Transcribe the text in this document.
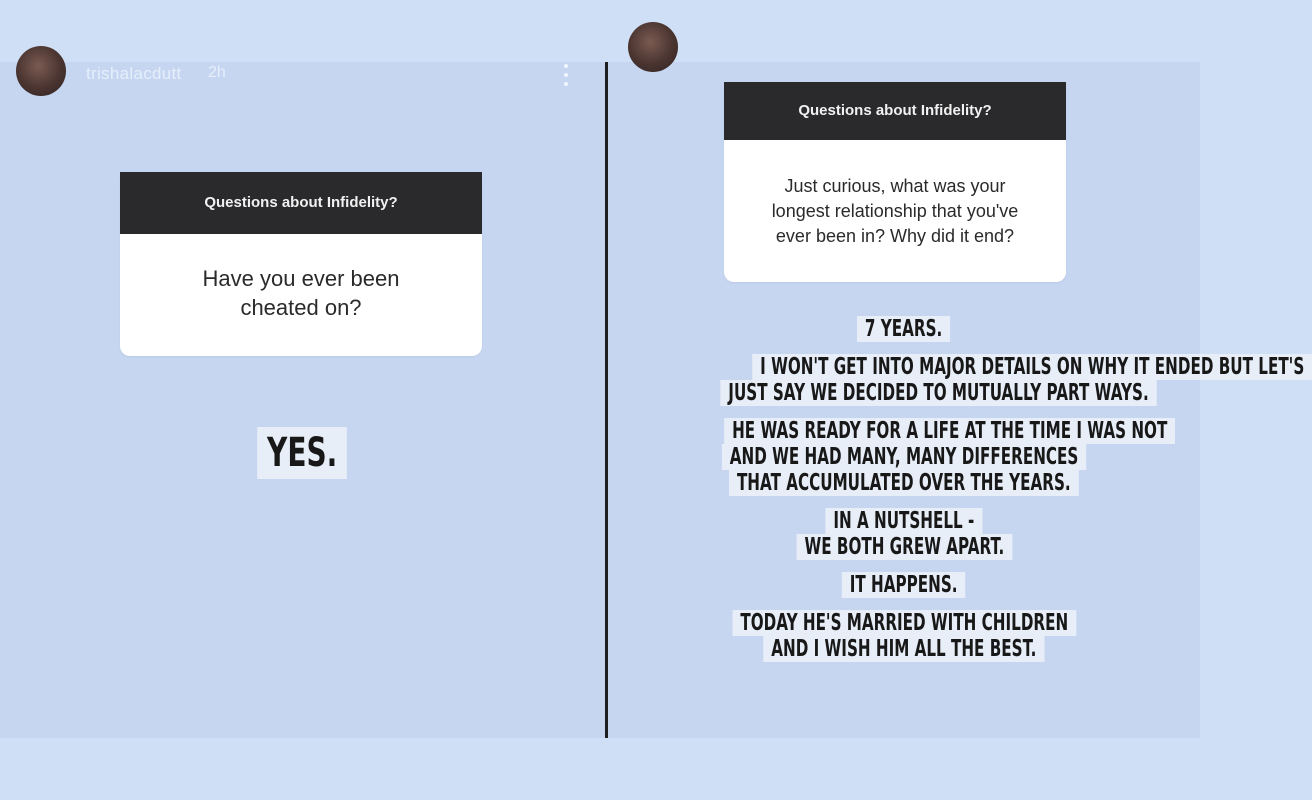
trishalacdutt 2h
Questions about Infidelity?
Have you ever been
cheated on?
YES.
Questions about Infidelity?
Just curious, what was your
longest relationship that you've
ever been in? Why did it end?
7 YEARS.
I WON'T GET INTO MAJOR DETAILS ON WHY IT ENDED BUT LET'S
JUST SAY WE DECIDED TO MUTUALLY PART WAYS.
HE WAS READY FOR A LIFE AT THE TIME I WAS NOT
AND WE HAD MANY, MANY DIFFERENCES
THAT ACCUMULATED OVER THE YEARS.
IN A NUTSHELL -
WE BOTH GREW APART.
IT HAPPENS.
TODAY HE'S MARRIED WITH CHILDREN
AND I WISH HIM ALL THE BEST.
